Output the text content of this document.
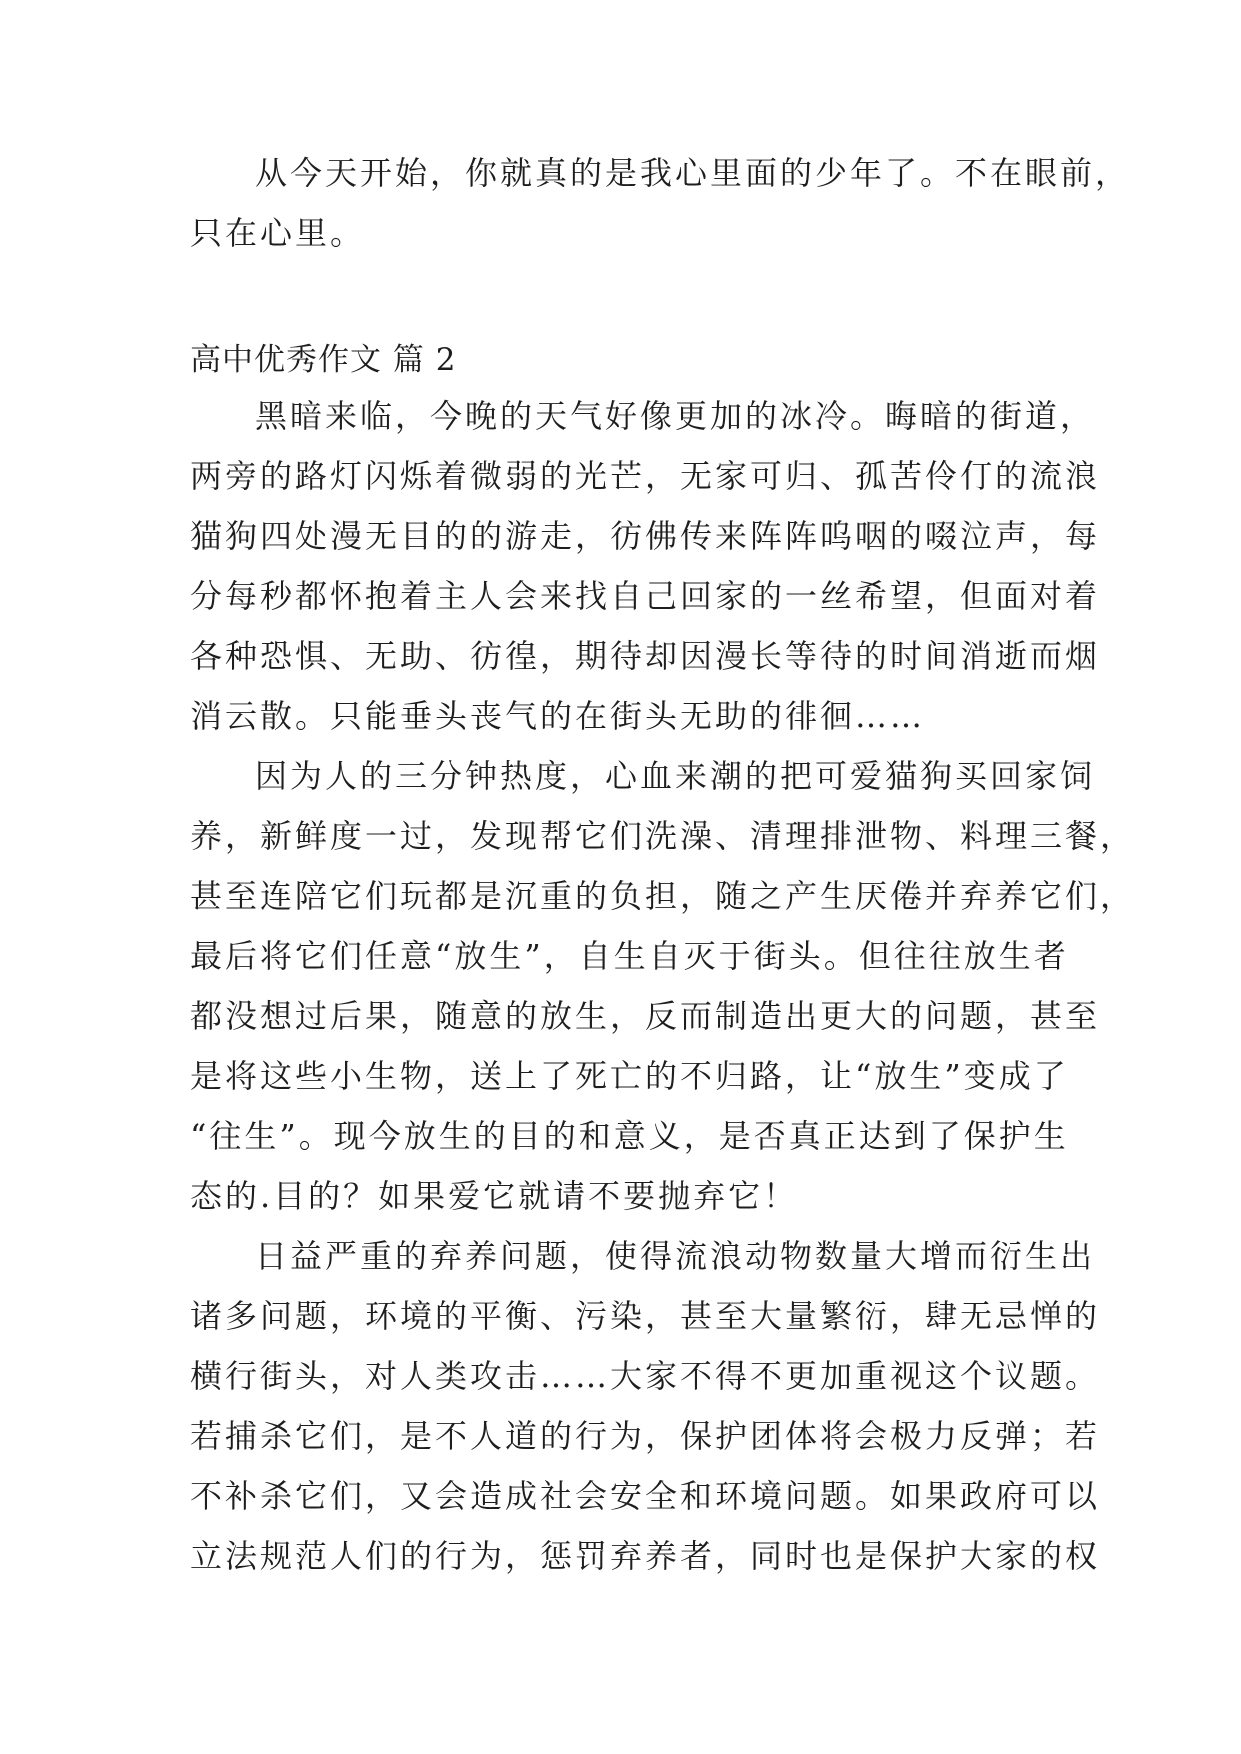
从今天开始，你就真的是我心里面的少年了。不在眼前，

只在心里。

高中优秀作文 篇 2

黑暗来临，今晚的天气好像更加的冰冷。晦暗的街道，

两旁的路灯闪烁着微弱的光芒，无家可归、孤苦伶仃的流浪

猫狗四处漫无目的的游走，彷佛传来阵阵呜咽的啜泣声，每

分每秒都怀抱着主人会来找自己回家的一丝希望，但面对着

各种恐惧、无助、彷徨，期待却因漫长等待的时间消逝而烟

消云散。只能垂头丧气的在街头无助的徘徊……

因为人的三分钟热度，心血来潮的把可爱猫狗买回家饲

养，新鲜度一过，发现帮它们洗澡、清理排泄物、料理三餐，

甚至连陪它们玩都是沉重的负担，随之产生厌倦并弃养它们，

最后将它们任意“放生”，自生自灭于街头。但往往放生者

都没想过后果，随意的放生，反而制造出更大的问题，甚至

是将这些小生物，送上了死亡的不归路，让“放生”变成了

“往生”。现今放生的目的和意义，是否真正达到了保护生

态的.目的？如果爱它就请不要抛弃它！

日益严重的弃养问题，使得流浪动物数量大增而衍生出

诸多问题，环境的平衡、污染，甚至大量繁衍，肆无忌惮的

横行街头，对人类攻击……大家不得不更加重视这个议题。

若捕杀它们，是不人道的行为，保护团体将会极力反弹；若

不补杀它们，又会造成社会安全和环境问题。如果政府可以

立法规范人们的行为，惩罚弃养者，同时也是保护大家的权
